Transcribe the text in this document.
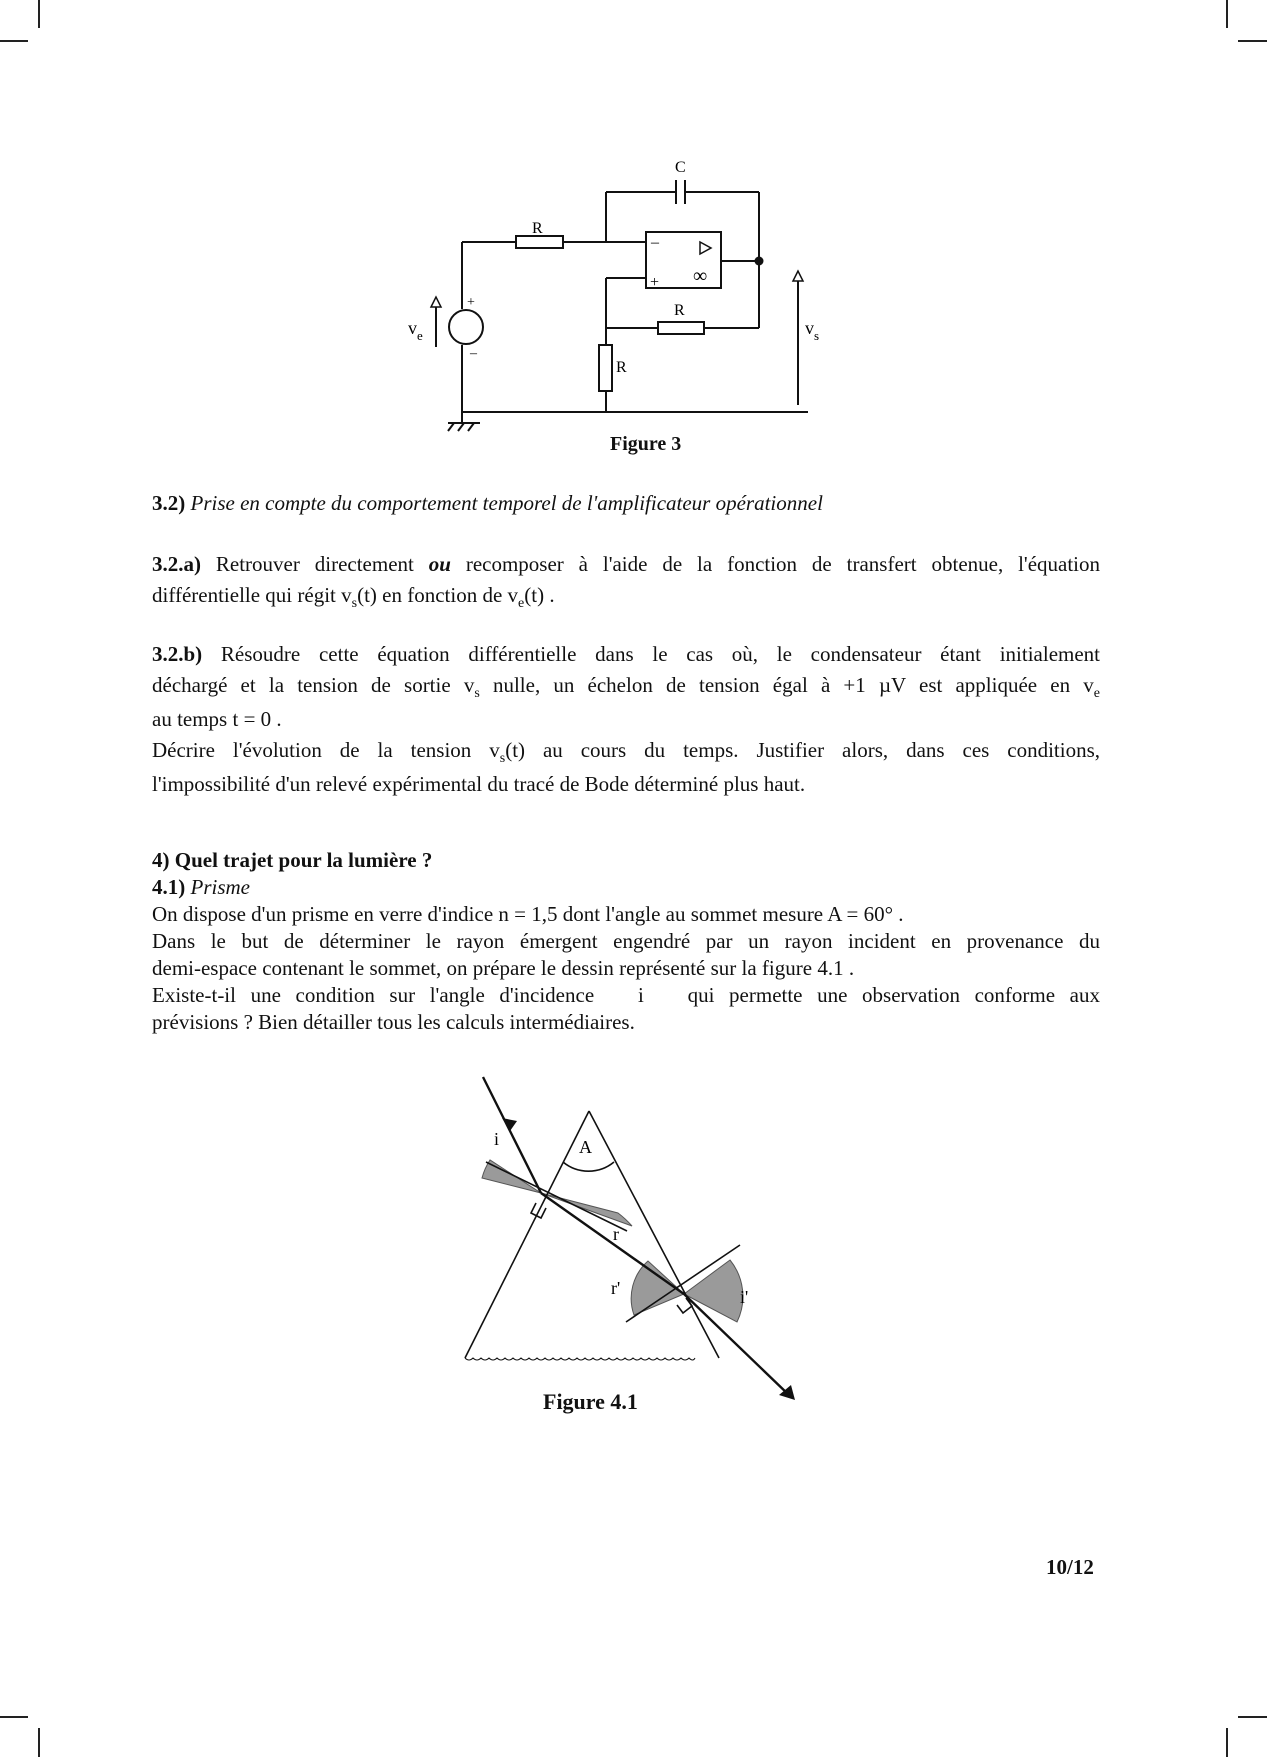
C
R
R
R
–
+ ∞
+
–
$v_e$	$v_s$
Figure 3
3.2) Prise en compte du comportement temporel de l'amplificateur opérationnel
3.2.a) Retrouver directement ou recomposer à l'aide de la fonction de transfert obtenue, l'équation
différentielle qui régit $v_s(t)$ en fonction de $v_e(t)$ .
3.2.b) Résoudre cette équation différentielle dans le cas où, le condensateur étant initialement
déchargé et la tension de sortie $v_s$ nulle, un échelon de tension égal à +1 µV est appliquée en $v_e$
au temps t = 0 .
Décrire l'évolution de la tension $v_s(t)$ au cours du temps. Justifier alors, dans ces conditions,
l'impossibilité d'un relevé expérimental du tracé de Bode déterminé plus haut.
4) Quel trajet pour la lumière ?
4.1) Prisme
On dispose d'un prisme en verre d'indice n = 1,5 dont l'angle au sommet mesure A = 60° .
Dans le but de déterminer le rayon émergent engendré par un rayon incident en provenance du
demi-espace contenant le sommet, on prépare le dessin représenté sur la figure 4.1 .
Existe-t-il une condition sur l'angle d'incidence i qui permette une observation conforme aux
prévisions ? Bien détailler tous les calculs intermédiaires.
A
i
r
r'	i'
Figure 4.1
10/12
